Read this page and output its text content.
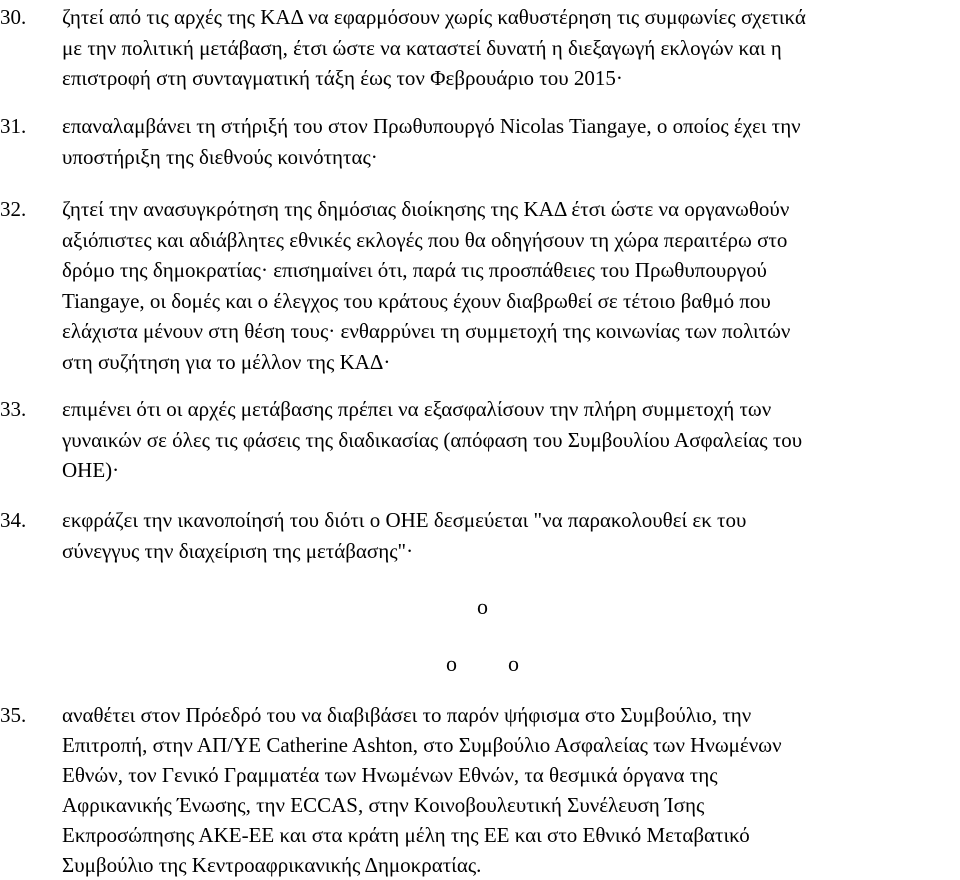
30. ζητεί από τις αρχές της ΚΑΔ να εφαρμόσουν χωρίς καθυστέρηση τις συμφωνίες σχετικά
με την πολιτική μετάβαση, έτσι ώστε να καταστεί δυνατή η διεξαγωγή εκλογών και η
επιστροφή στη συνταγματική τάξη έως τον Φεβρουάριο του 2015·
31. επαναλαμβάνει τη στήριξή του στον Πρωθυπουργό Nicolas Tiangaye, ο οποίος έχει την
υποστήριξη της διεθνούς κοινότητας·
32. ζητεί την ανασυγκρότηση της δημόσιας διοίκησης της ΚΑΔ έτσι ώστε να οργανωθούν
αξιόπιστες και αδιάβλητες εθνικές εκλογές που θα οδηγήσουν τη χώρα περαιτέρω στο
δρόμο της δημοκρατίας· επισημαίνει ότι, παρά τις προσπάθειες του Πρωθυπουργού
Tiangaye, οι δομές και ο έλεγχος του κράτους έχουν διαβρωθεί σε τέτοιο βαθμό που
ελάχιστα μένουν στη θέση τους· ενθαρρύνει τη συμμετοχή της κοινωνίας των πολιτών
στη συζήτηση για το μέλλον της ΚΑΔ·
33. επιμένει ότι οι αρχές μετάβασης πρέπει να εξασφαλίσουν την πλήρη συμμετοχή των
γυναικών σε όλες τις φάσεις της διαδικασίας (απόφαση του Συμβουλίου Ασφαλείας του
ΟΗΕ)·
34. εκφράζει την ικανοποίησή του διότι ο ΟΗΕ δεσμεύεται "να παρακολουθεί εκ του
σύνεγγυς την διαχείριση της μετάβασης"·
o
o o
35. αναθέτει στον Πρόεδρό του να διαβιβάσει το παρόν ψήφισμα στο Συμβούλιο, την
Επιτροπή, στην ΑΠ/ΥΕ Catherine Ashton, στο Συμβούλιο Ασφαλείας των Ηνωμένων
Εθνών, τον Γενικό Γραμματέα των Ηνωμένων Εθνών, τα θεσμικά όργανα της
Αφρικανικής Ένωσης, την ECCAS, στην Κοινοβουλευτική Συνέλευση Ίσης
Εκπροσώπησης ΑΚΕ-ΕΕ και στα κράτη μέλη της ΕΕ και στο Εθνικό Μεταβατικό
Συμβούλιο της Κεντροαφρικανικής Δημοκρατίας.
